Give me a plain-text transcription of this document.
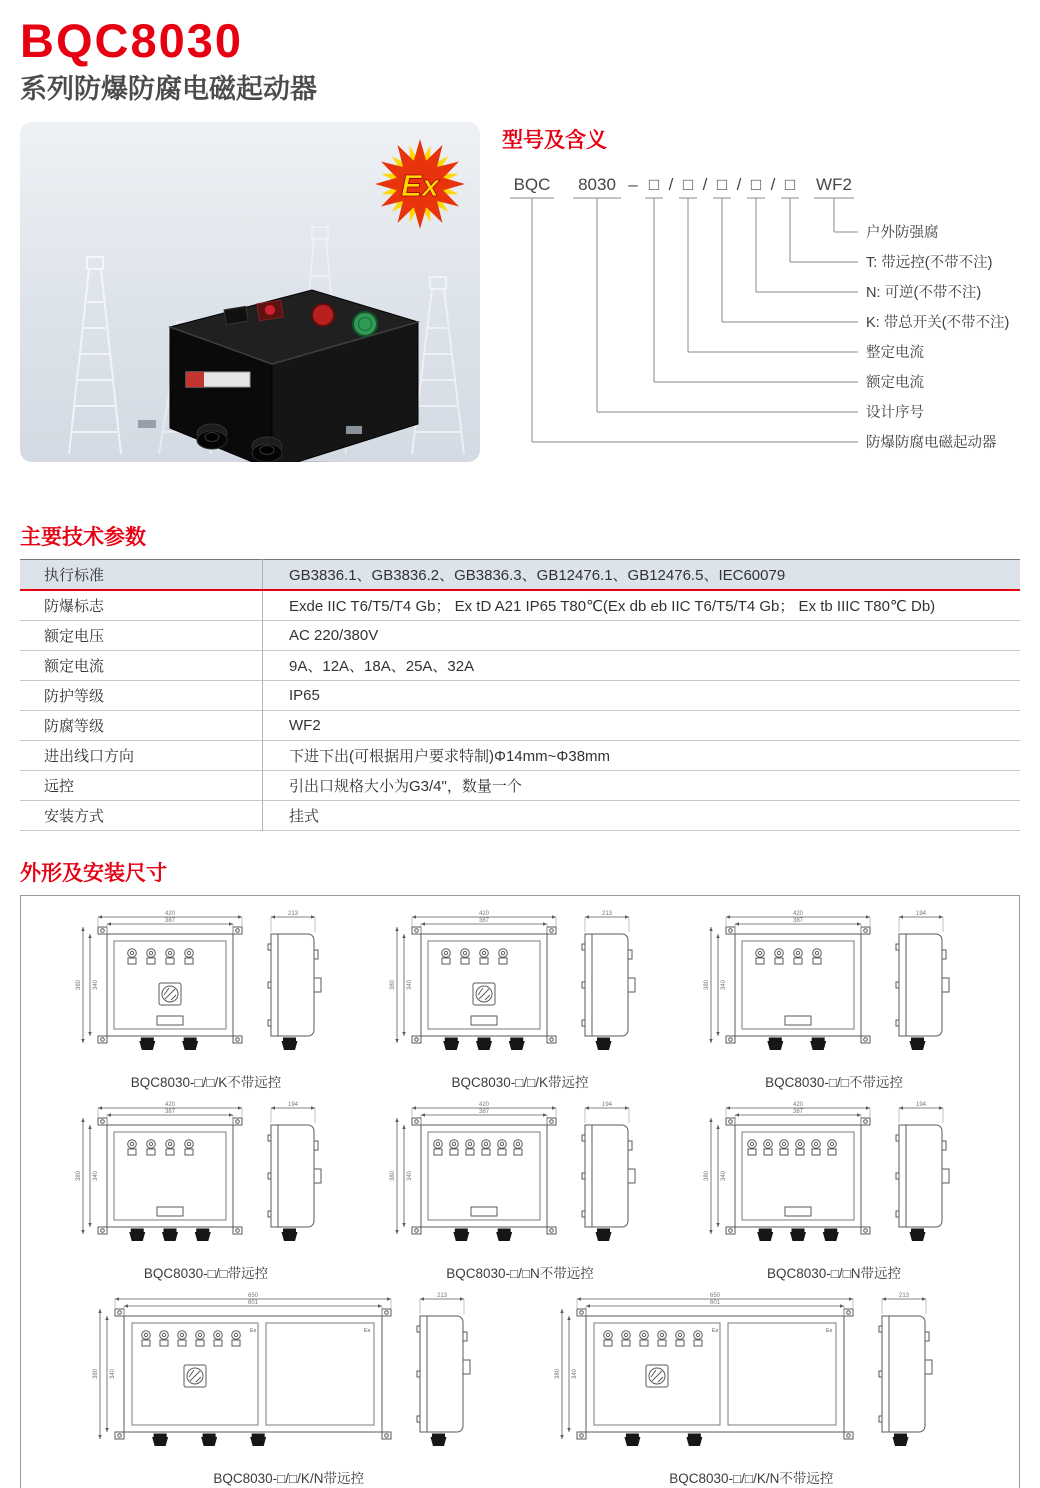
BQC8030
系列防爆防腐电磁起动器
Ex
型号及含义
BQC 8030 □ □ □ □ □ WF2
– / / / /
户外防强腐
T: 带远控(不带不注)
N: 可逆(不带不注)
K: 带总开关(不带不注)
整定电流
额定电流
设计序号
防爆防腐电磁起动器
主要技术参数
执行标准	GB3836.1、GB3836.2、GB3836.3、GB12476.1、GB12476.5、IEC60079
防爆标志	Exde IIC T6/T5/T4 Gb； Ex tD A21 IP65 T80℃(Ex db eb IIC T6/T5/T4 Gb； Ex tb IIIC T80℃ Db)
额定电压	AC 220/380V
额定电流	9A、12A、18A、25A、32A
防护等级	IP65
防腐等级	WF2
进出线口方向	下进下出(可根据用户要求特制)Φ14mm~Φ38mm
远控	引出口规格大小为G3/4"，数量一个
安装方式	挂式
外形及安装尺寸
420
387
380 340
213
BQC8030-□/□/K不带远控
420
387
380 340
213
BQC8030-□/□/K带远控
420
387
380 340
194
BQC8030-□/□不带远控
420
387
380 340
194
BQC8030-□/□带远控
420
387
380 340
194
BQC8030-□/□N不带远控
420
387
380 340
194
BQC8030-□/□N带远控
Ex	Ex
650
601
380 340
213
BQC8030-□/□/K/N带远控
Ex	Ex
650
601
380 340
213
BQC8030-□/□/K/N不带远控
